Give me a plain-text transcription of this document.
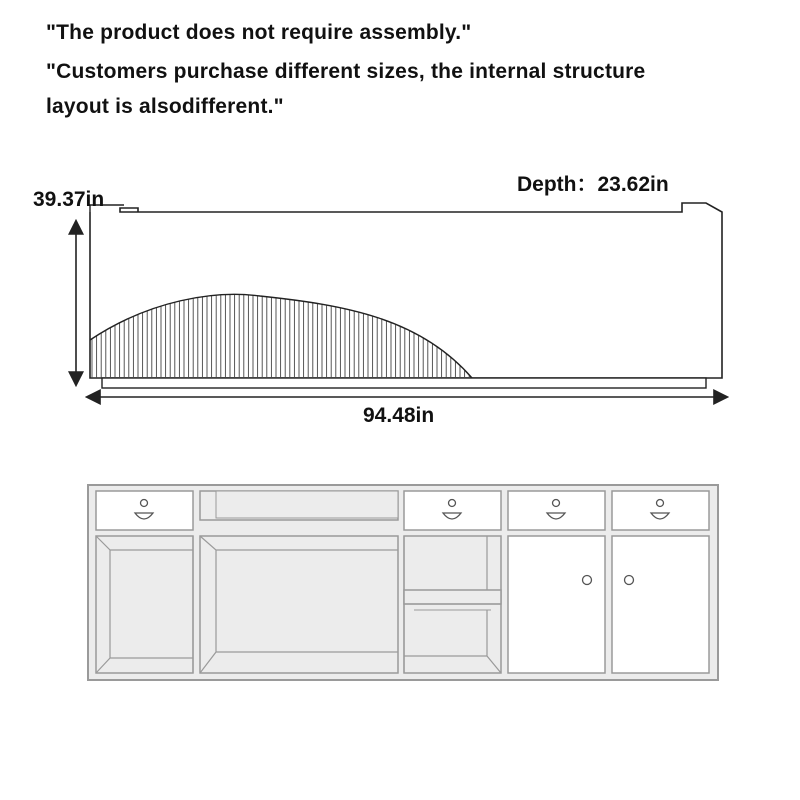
"The product does not require assembly."

"Customers purchase different sizes, the internal structure

layout is alsodifferent."

39.37in
Depth：23.62in
94.48in
